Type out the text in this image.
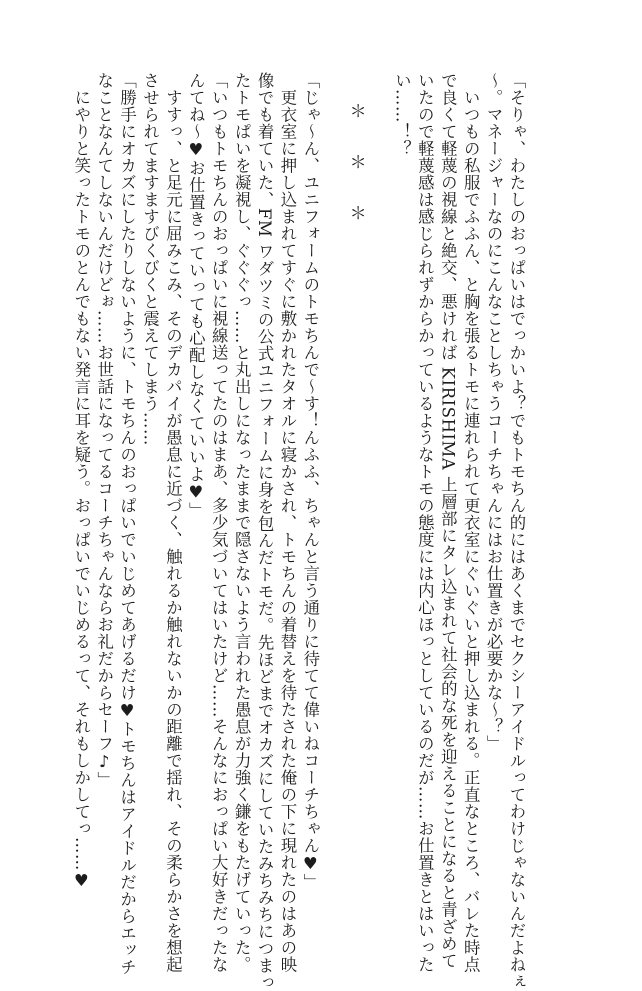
「そりゃ、わたしのおっぱいはでっかいよ？でもトモちん的にはあくまでセクシーアイドルってわけじゃないんだよねぇ

〜。マネージャーなのにこんなことしちゃうコーチちゃんにはお仕置きが必要かな〜？」

　いつもの私服でふふん、と胸を張るトモに連れられて更衣室にぐいぐいと押し込まれる。正直なところ、バレた時点

で良くて軽蔑の視線と絶交、悪ければ KIRISHIMA 上層部にタレ込まれて社会的な死を迎えることになると青ざめて

いたので軽蔑感は感じられずからかっているようなトモの態度には内心ほっとしているのだが……お仕置きとはいった

い……！？

＊＊＊

「じゃ〜ん、ユニフォームのトモちんで〜す！んふふ、ちゃんと言う通りに待てて偉いねコーチちゃん♥」

　更衣室に押し込まれてすぐに敷かれたタオルに寝かされ、トモちんの着替えを待たされた俺の下に現れたのはあの映

像でも着ていた、FM ワダツミの公式ユニフォームに身を包んだトモだ。先ほどまでオカズにしていたみちみちにつまっ

たトモぱいを凝視し、ぐぐぐっ……と丸出しになったままで隠さないよう言われた愚息が力強く鎌をもたげていった。

「いつもトモちんのおっぱいに視線送ってたのはまあ、多少気づいてはいたけど……そんなにおっぱい大好きだったな

んてね〜♥お仕置きっていっても心配しなくていいよ♥」

　すすっ、と足元に屈みこみ、そのデカパイが愚息に近づく、触れるか触れないかの距離で揺れ、その柔らかさを想起

させられてますますびくびくと震えてしまう……

「勝手にオカズにしたりしないように、トモちんのおっぱいでいじめてあげるだけ♥トモちんはアイドルだからエッチ

なことなんてしないんだけどぉ……お世話になってるコーチちゃんならお礼だからセーフ♪」

　にやりと笑ったトモのとんでもない発言に耳を疑う。おっぱいでいじめるって、それもしかしてっ……♥
